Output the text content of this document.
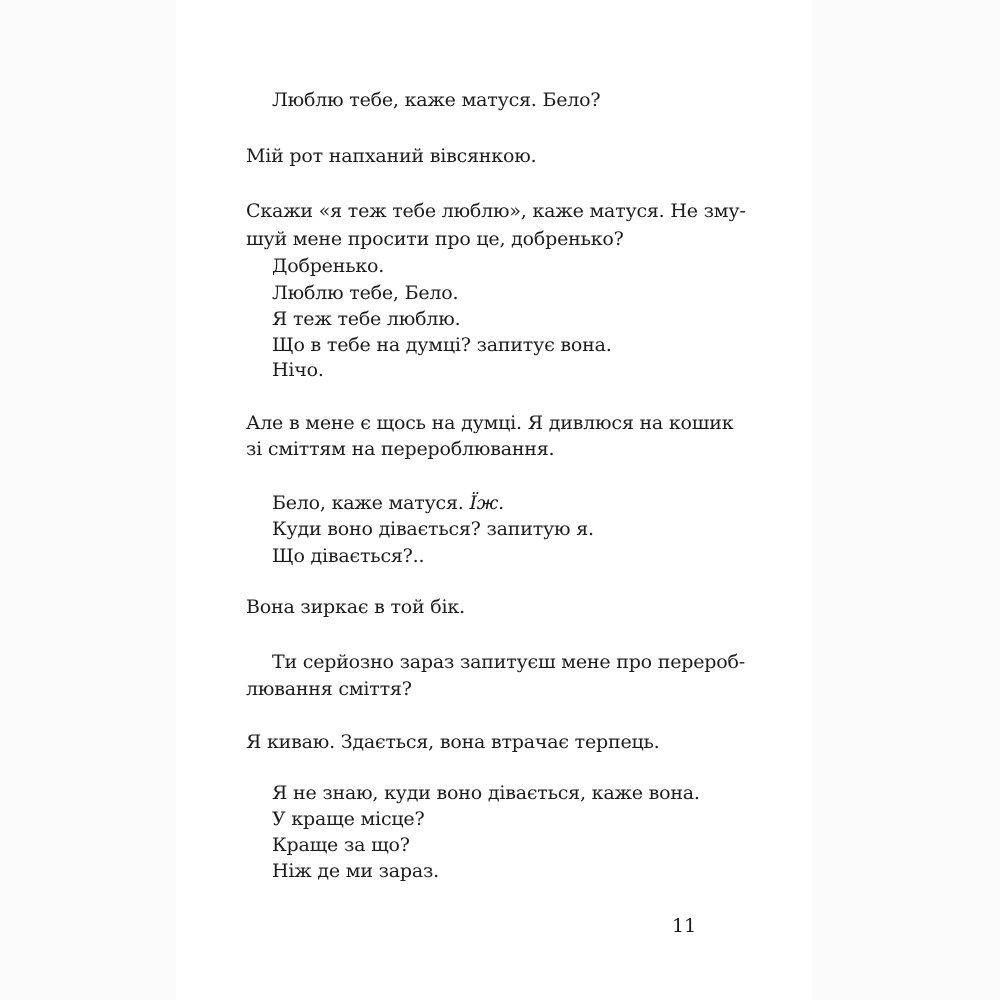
Люблю тебе, каже матуся. Бело?

Мій рот напханий вівсянкою.

Скажи «я теж тебе люблю», каже матуся. Не зму-

шуй мене просити про це, добренько?

Добренько.

Люблю тебе, Бело.

Я теж тебе люблю.

Що в тебе на думці? запитує вона.

Нічо.

Але в мене є щось на думці. Я дивлюся на кошик

зі сміттям на перероблювання.

Бело, каже матуся. Їж.

Куди воно дівається? запитую я.

Що дівається?..

Вона зиркає в той бік.

Ти серйозно зараз запитуєш мене про перероб-

лювання сміття?

Я киваю. Здається, вона втрачає терпець.

Я не знаю, куди воно дівається, каже вона.

У краще місце?

Краще за що?

Ніж де ми зараз.

11
